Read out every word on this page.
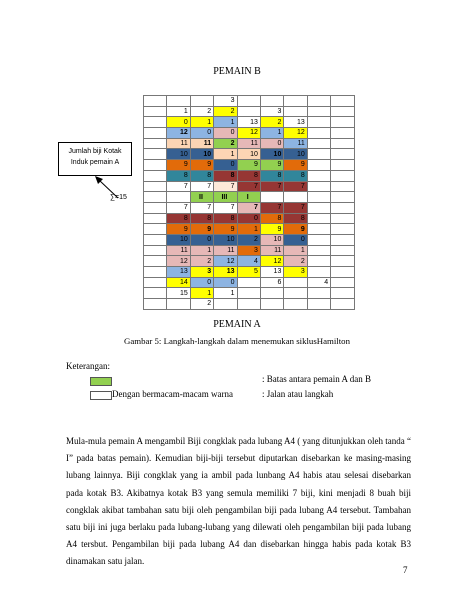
PEMAIN B
			3					
	1	2	2		3			
	0	1	1	13	2	13		
	12	0	0	12	1	12		
	11	11	2	11	0	11		
	10	10	1	10	10	10		
	9	9	0	9	9	9		
	8	8	8	8	8	8		
	7	7	7	7	7	7		
		II	III	I				
	7	7	7	7	7	7		
	8	8	8	0	8	8		
	9	9	9	1	9	9		
	10	0	10	2	10	0		
	11	1	11	3	11	1		
	12	2	12	4	12	2		
	13	3	13	5	13	3		
	14	0	0		6		4	
	15	1	1					
		2						
Jumlah biji Kotak
Induk pemain A
∑=15
PEMAIN A
Gambar 5: Langkah-langkah dalam menemukan siklusHamilton
Keterangan:
: Batas antara pemain A dan B
Dengan bermacam-macam warna	: Jalan atau langkah
Mula-mula pemain A mengambil Biji congklak pada lubang A4 ( yang ditunjukkan oleh tanda “ I” pada batas pemain). Kemudian biji-biji tersebut diputarkan disebarkan ke masing-masing lubang lainnya. Biji congklak yang ia ambil pada lunbang A4 habis atau selesai disebarkan pada kotak B3. Akibatnya kotak B3 yang semula memiliki 7 biji, kini menjadi 8 buah biji congklak akibat tambahan satu biji oleh pengambilan biji pada lubang A4 tersebut. Tambahan satu biji ini juga berlaku pada lubang-lubang yang dilewati oleh pengambilan biji pada lubang A4 tersbut. Pengambilan biji pada lubang A4 dan disebarkan hingga habis pada kotak B3 dinamakan satu jalan.
7
